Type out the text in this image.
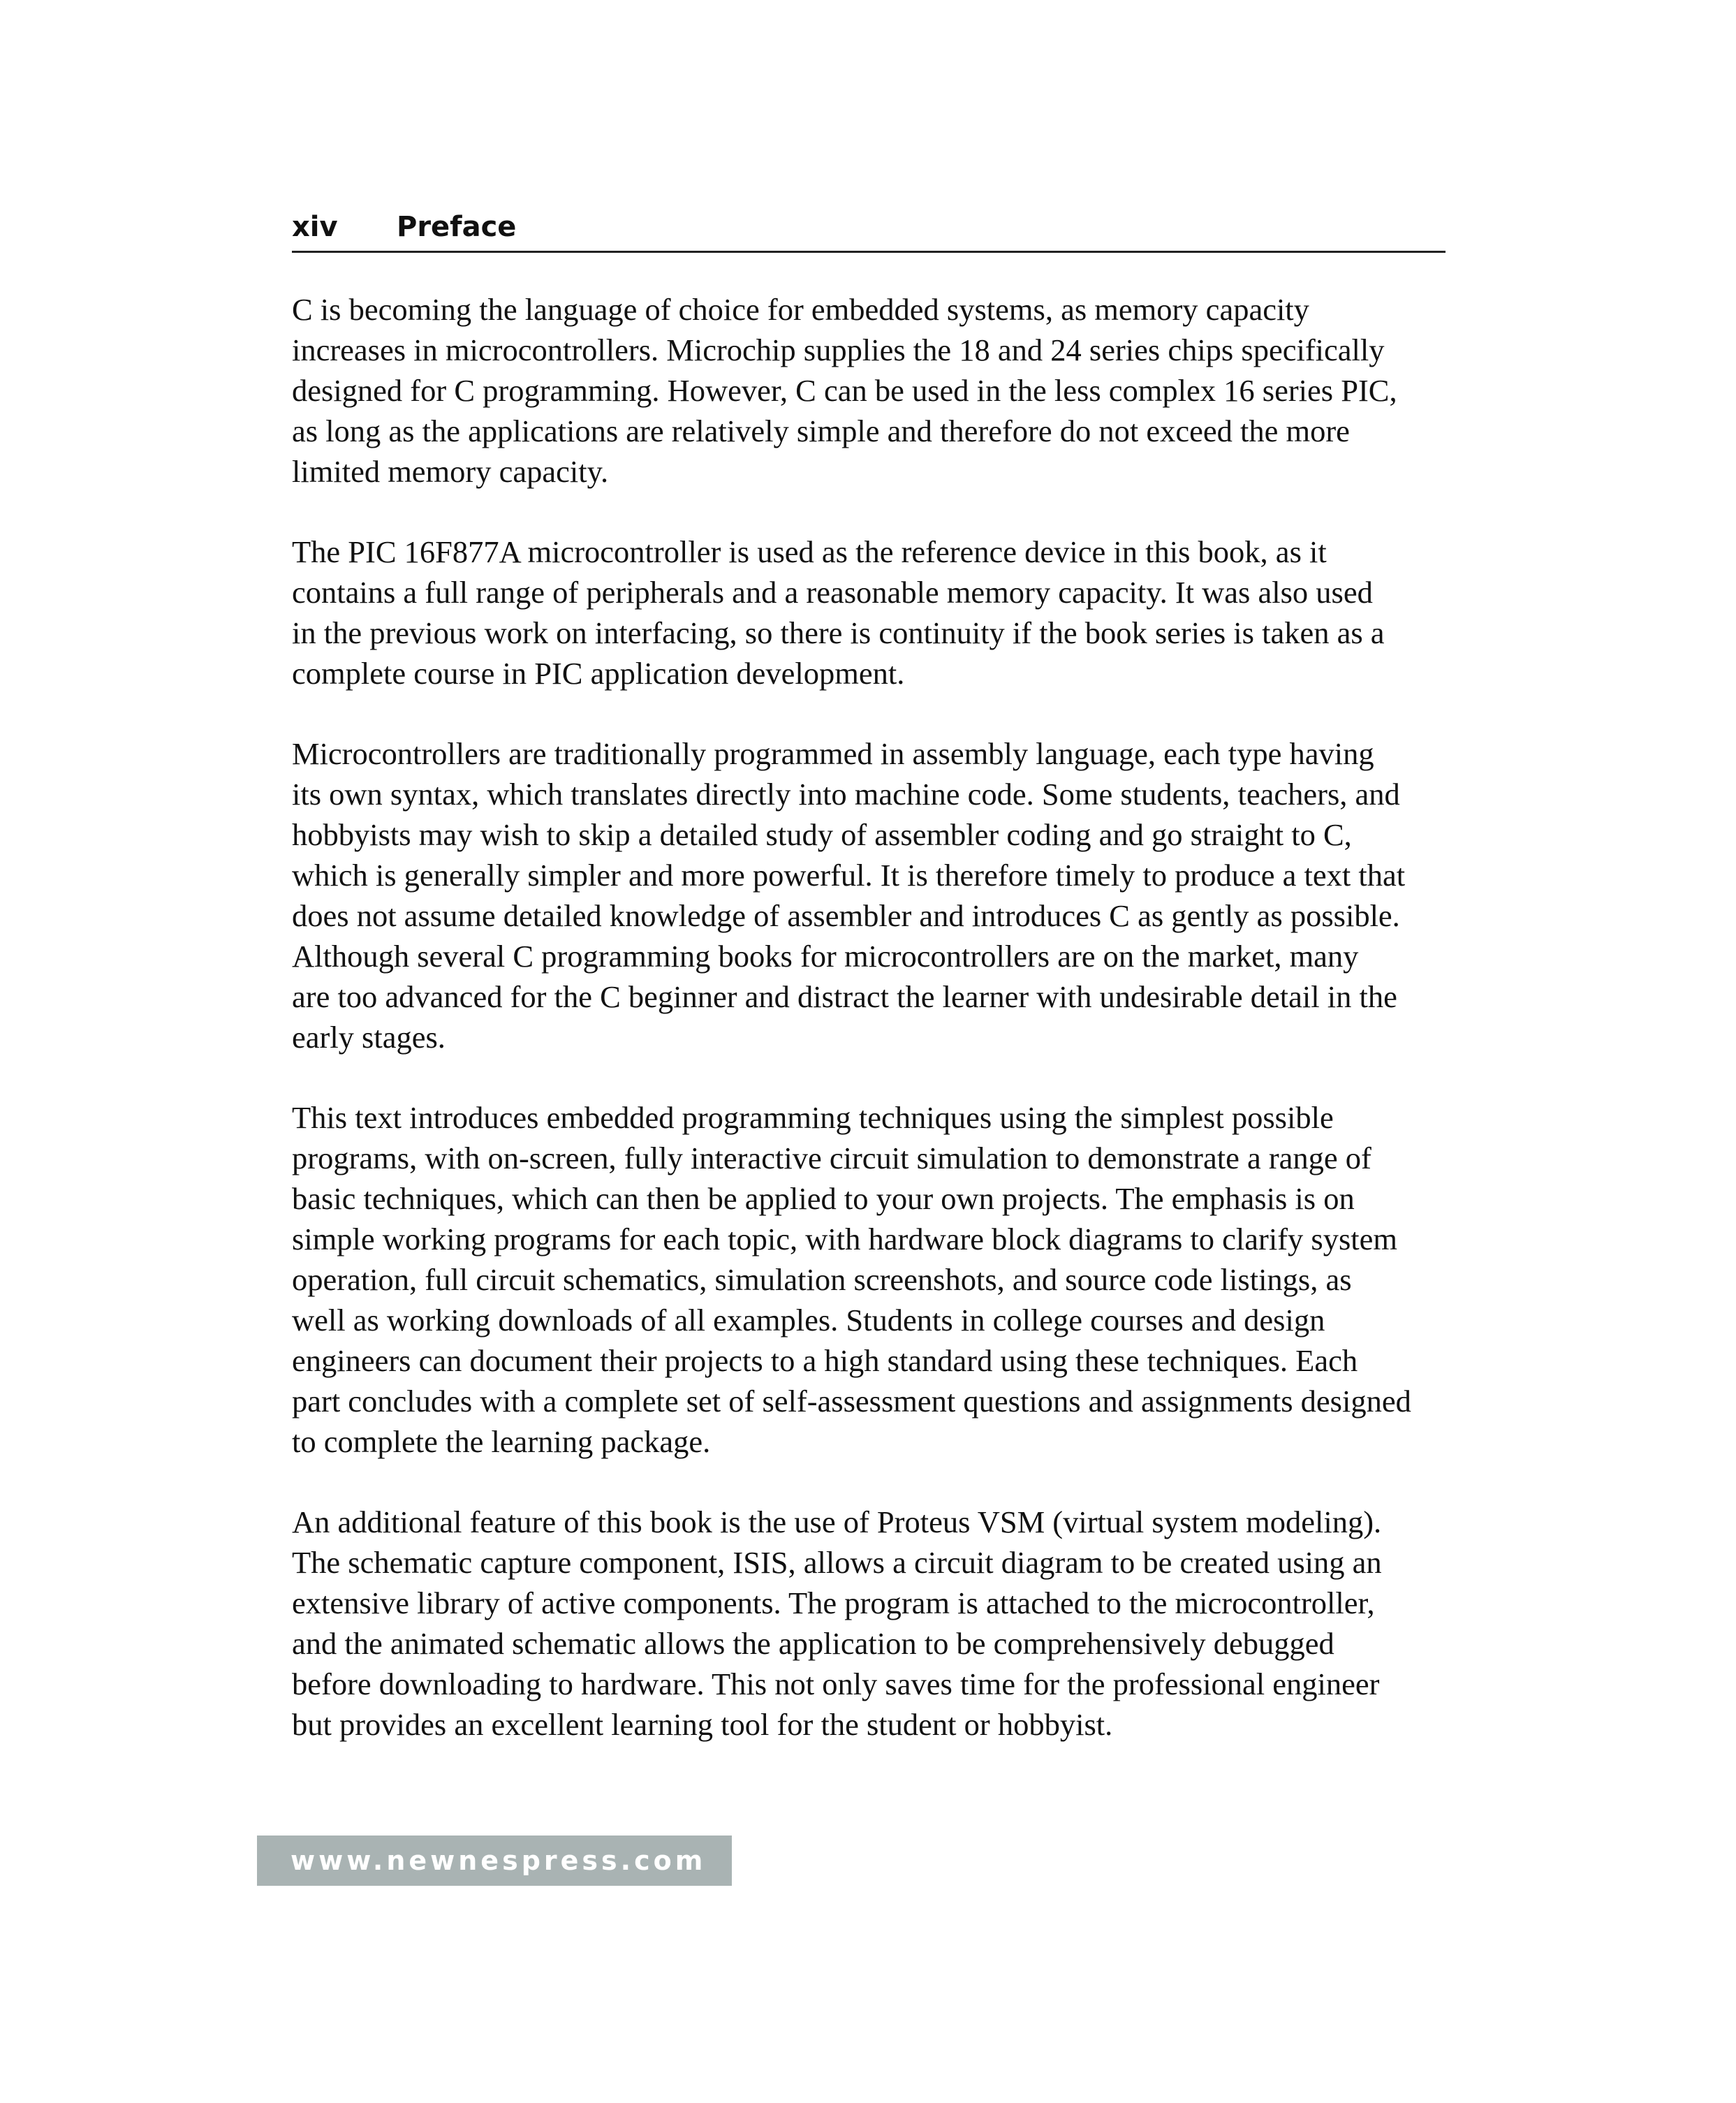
xiv Preface

C is becoming the language of choice for embedded systems, as memory capacity
increases in microcontrollers. Microchip supplies the 18 and 24 series chips specifically
designed for C programming. However, C can be used in the less complex 16 series PIC,
as long as the applications are relatively simple and therefore do not exceed the more
limited memory capacity.

The PIC 16F877A microcontroller is used as the reference device in this book, as it
contains a full range of peripherals and a reasonable memory capacity. It was also used
in the previous work on interfacing, so there is continuity if the book series is taken as a
complete course in PIC application development.

Microcontrollers are traditionally programmed in assembly language, each type having
its own syntax, which translates directly into machine code. Some students, teachers, and
hobbyists may wish to skip a detailed study of assembler coding and go straight to C,
which is generally simpler and more powerful. It is therefore timely to produce a text that
does not assume detailed knowledge of assembler and introduces C as gently as possible.
Although several C programming books for microcontrollers are on the market, many
are too advanced for the C beginner and distract the learner with undesirable detail in the
early stages.

This text introduces embedded programming techniques using the simplest possible
programs, with on-screen, fully interactive circuit simulation to demonstrate a range of
basic techniques, which can then be applied to your own projects. The emphasis is on
simple working programs for each topic, with hardware block diagrams to clarify system
operation, full circuit schematics, simulation screenshots, and source code listings, as
well as working downloads of all examples. Students in college courses and design
engineers can document their projects to a high standard using these techniques. Each
part concludes with a complete set of self-assessment questions and assignments designed
to complete the learning package.

An additional feature of this book is the use of Proteus VSM (virtual system modeling).
The schematic capture component, ISIS, allows a circuit diagram to be created using an
extensive library of active components. The program is attached to the microcontroller,
and the animated schematic allows the application to be comprehensively debugged
before downloading to hardware. This not only saves time for the professional engineer
but provides an excellent learning tool for the student or hobbyist.

www.newnespress.com
